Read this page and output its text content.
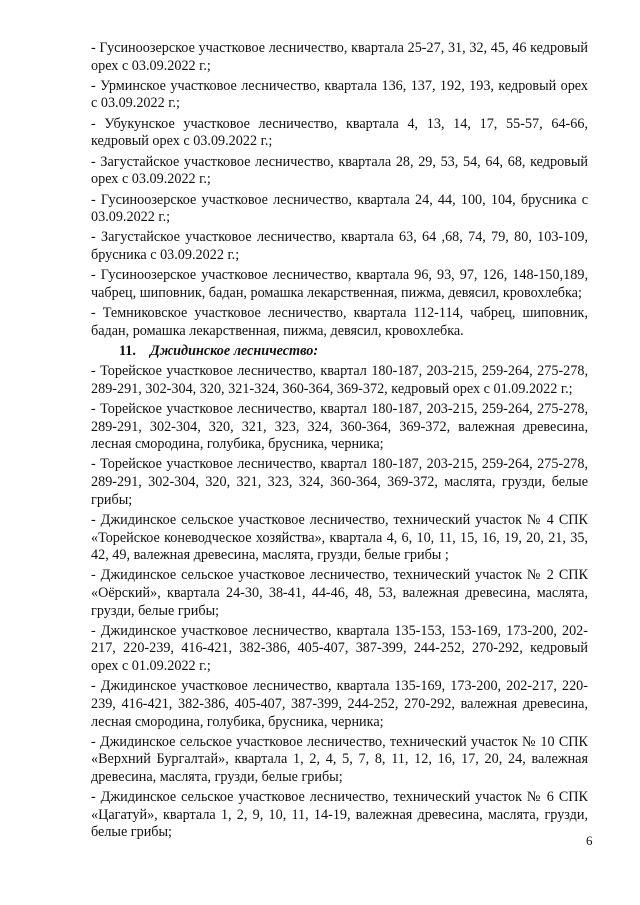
- Гусиноозерское участковое лесничество, квартала 25-27, 31, 32, 45, 46 кедровый орех с 03.09.2022 г.;

- Урминское участковое лесничество, квартала 136, 137, 192, 193, кедровый орех с 03.09.2022 г.;

- Убукунское участковое лесничество, квартала 4, 13, 14, 17, 55-57, 64-66, кедровый орех с 03.09.2022 г.;

- Загустайское участковое лесничество, квартала 28, 29, 53, 54, 64, 68, кедровый орех с 03.09.2022 г.;

- Гусиноозерское участковое лесничество, квартала 24, 44, 100, 104, брусника с 03.09.2022 г.;

- Загустайское участковое лесничество, квартала 63, 64 ,68, 74, 79, 80, 103-109, брусника с 03.09.2022 г.;

- Гусиноозерское участковое лесничество, квартала 96, 93, 97, 126, 148-150,189, чабрец, шиповник, бадан, ромашка лекарственная, пижма, девясил, кровохлебка;

- Темниковское участковое лесничество, квартала 112-114, чабрец, шиповник, бадан, ромашка лекарственная, пижма, девясил, кровохлебка.

11. Джидинское лесничество:

- Торейское участковое лесничество, квартал 180-187, 203-215, 259-264, 275-278, 289-291, 302-304, 320, 321-324, 360-364, 369-372, кедровый орех с 01.09.2022 г.;

- Торейское участковое лесничество, квартал 180-187, 203-215, 259-264, 275-278, 289-291, 302-304, 320, 321, 323, 324, 360-364, 369-372, валежная древесина, лесная смородина, голубика, брусника, черника;

- Торейское участковое лесничество, квартал 180-187, 203-215, 259-264, 275-278, 289-291, 302-304, 320, 321, 323, 324, 360-364, 369-372, маслята, грузди, белые грибы;

- Джидинское сельское участковое лесничество, технический участок № 4 СПК «Торейское коневодческое хозяйства», квартала 4, 6, 10, 11, 15, 16, 19, 20, 21, 35, 42, 49, валежная древесина, маслята, грузди, белые грибы ;

- Джидинское сельское участковое лесничество, технический участок № 2 СПК «Оёрский», квартала 24-30, 38-41, 44-46, 48, 53, валежная древесина, маслята, грузди, белые грибы;

- Джидинское участковое лесничество, квартала 135-153, 153-169, 173-200, 202-217, 220-239, 416-421, 382-386, 405-407, 387-399, 244-252, 270-292, кедровый орех с 01.09.2022 г.;

- Джидинское участковое лесничество, квартала 135-169, 173-200, 202-217, 220-239, 416-421, 382-386, 405-407, 387-399, 244-252, 270-292, валежная древесина, лесная смородина, голубика, брусника, черника;

- Джидинское сельское участковое лесничество, технический участок № 10 СПК «Верхний Бургалтай», квартала 1, 2, 4, 5, 7, 8, 11, 12, 16, 17, 20, 24, валежная древесина, маслята, грузди, белые грибы;

- Джидинское сельское участковое лесничество, технический участок № 6 СПК «Цагатуй», квартала 1, 2, 9, 10, 11, 14-19, валежная древесина, маслята, грузди, белые грибы;

6
